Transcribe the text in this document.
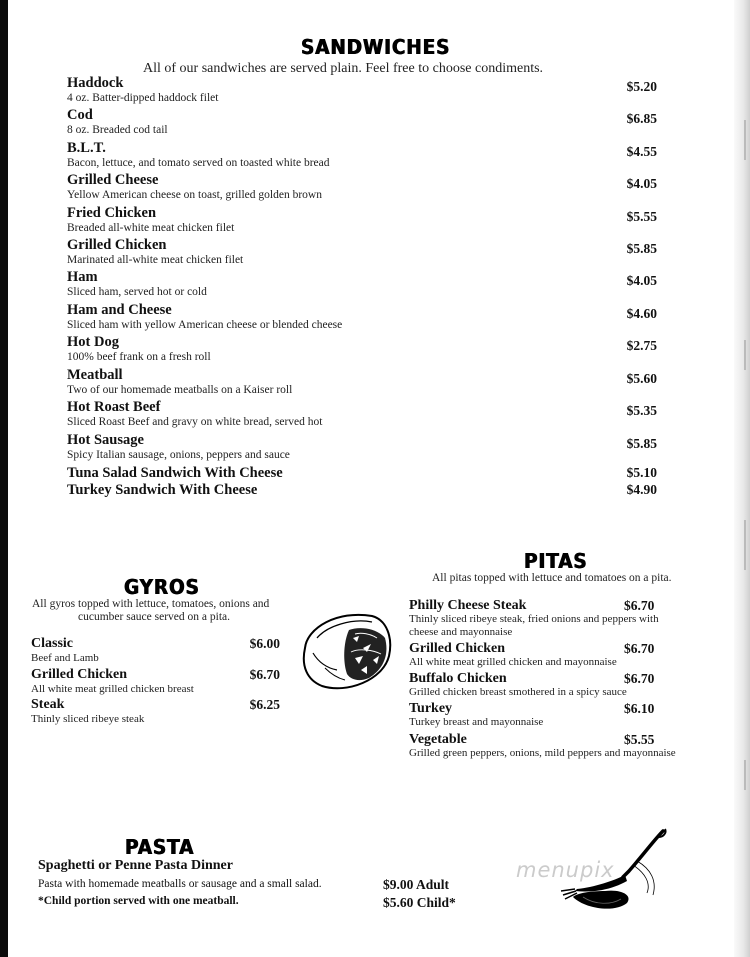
SANDWICHES
All of our sandwiches are served plain. Feel free to choose condiments.
Haddock
4 oz. Batter-dipped haddock filet
$5.20
Cod
8 oz. Breaded cod tail
$6.85
B.L.T.
Bacon, lettuce, and tomato served on toasted white bread
$4.55
Grilled Cheese
Yellow American cheese on toast, grilled golden brown
$4.05
Fried Chicken
Breaded all-white meat chicken filet
$5.55
Grilled Chicken
Marinated all-white meat chicken filet
$5.85
Ham
Sliced ham, served hot or cold
$4.05
Ham and Cheese
Sliced ham with yellow American cheese or blended cheese
$4.60
Hot Dog
100% beef frank on a fresh roll
$2.75
Meatball
Two of our homemade meatballs on a Kaiser roll
$5.60
Hot Roast Beef
Sliced Roast Beef and gravy on white bread, served hot
$5.35
Hot Sausage
Spicy Italian sausage, onions, peppers and sauce
$5.85
Tuna Salad Sandwich With Cheese	$5.10
Turkey Sandwich With Cheese	$4.90
GYROS
All gyros topped with lettuce, tomatoes, onions and
cucumber sauce served on a pita.
Classic
Beef and Lamb
$6.00
Grilled Chicken
All white meat grilled chicken breast
$6.70
Steak
Thinly sliced ribeye steak
$6.25
PITAS
All pitas topped with lettuce and tomatoes on a pita.
Philly Cheese Steak
Thinly sliced ribeye steak, fried onions and peppers with cheese and mayonnaise
$6.70
Grilled Chicken
All white meat grilled chicken and mayonnaise
$6.70
Buffalo Chicken
Grilled chicken breast smothered in a spicy sauce
$6.70
Turkey
Turkey breast and mayonnaise
$6.10
Vegetable
Grilled green peppers, onions, mild peppers and mayonnaise
$5.55
PASTA
Spaghetti or Penne Pasta Dinner
Pasta with homemade meatballs or sausage and a small salad.
*Child portion served with one meatball.
$9.00 Adult
$5.60 Child*
menupix
